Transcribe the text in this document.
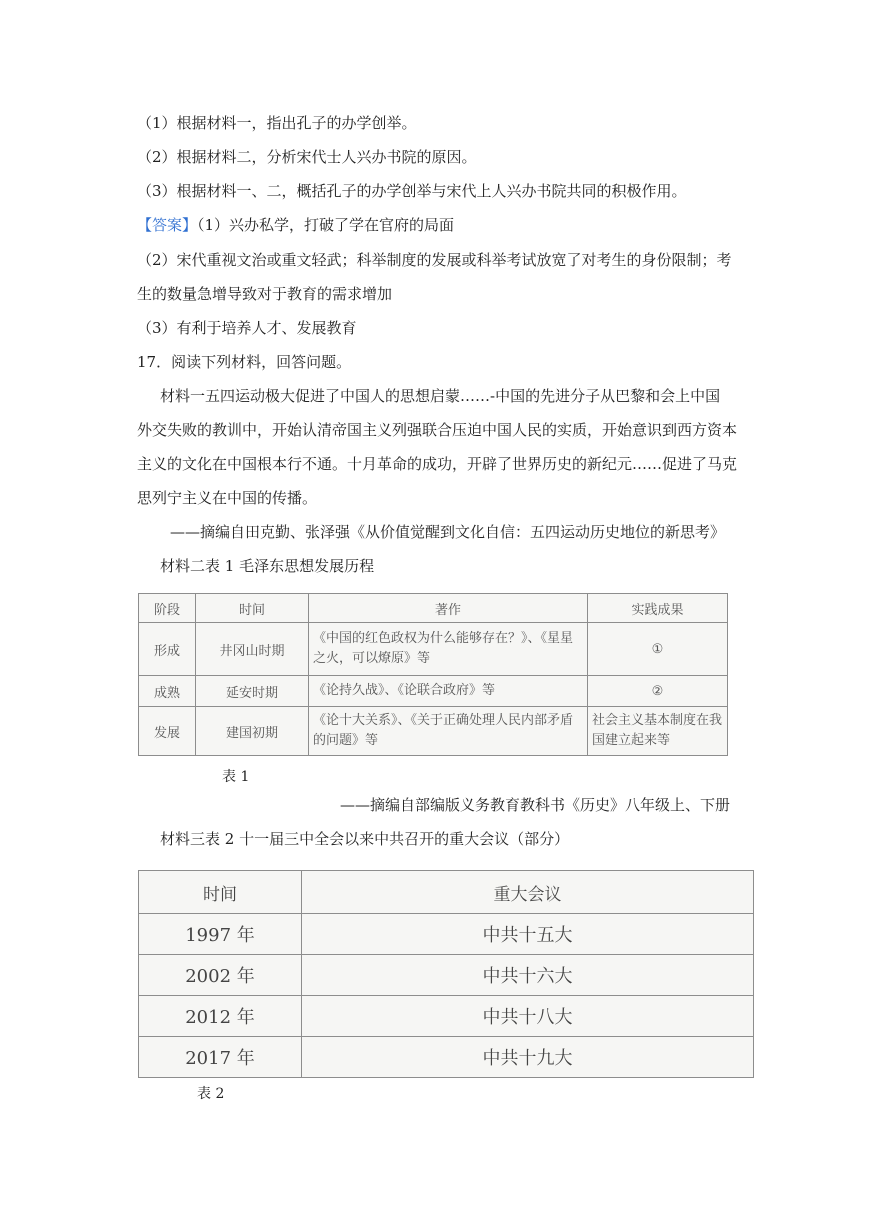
（1）根据材料一，指出孔子的办学创举。
（2）根据材料二，分析宋代士人兴办书院的原因。
（3）根据材料一、二，概括孔子的办学创举与宋代上人兴办书院共同的积极作用。
【答案】（1）兴办私学，打破了学在官府的局面
（2）宋代重视文治或重文轻武；科举制度的发展或科举考试放宽了对考生的身份限制；考
生的数量急增导致对于教育的需求增加
（3）有利于培养人才、发展教育
17．阅读下列材料，回答问题。
材料一五四运动极大促进了中国人的思想启蒙……-中国的先进分子从巴黎和会上中国
外交失败的教训中，开始认清帝国主义列强联合压迫中国人民的实质，开始意识到西方资本
主义的文化在中国根本行不通。十月革命的成功，开辟了世界历史的新纪元……促进了马克
思列宁主义在中国的传播。
——摘编自田克勤、张泽强《从价值觉醒到文化自信：五四运动历史地位的新思考》
材料二表 1 毛泽东思想发展历程
阶段	时间	著作	实践成果
形成	井冈山时期	《中国的红色政权为什么能够存在？》、《星星之火，可以燎原》等	①
成熟	延安时期	《论持久战》、《论联合政府》等	②
发展	建国初期	《论十大关系》、《关于正确处理人民内部矛盾的问题》等	社会主义基本制度在我国建立起来等
表 1
——摘编自部编版义务教育教科书《历史》八年级上、下册
材料三表 2 十一届三中全会以来中共召开的重大会议（部分）
时间	重大会议
1997 年	中共十五大
2002 年	中共十六大
2012 年	中共十八大
2017 年	中共十九大
表 2
